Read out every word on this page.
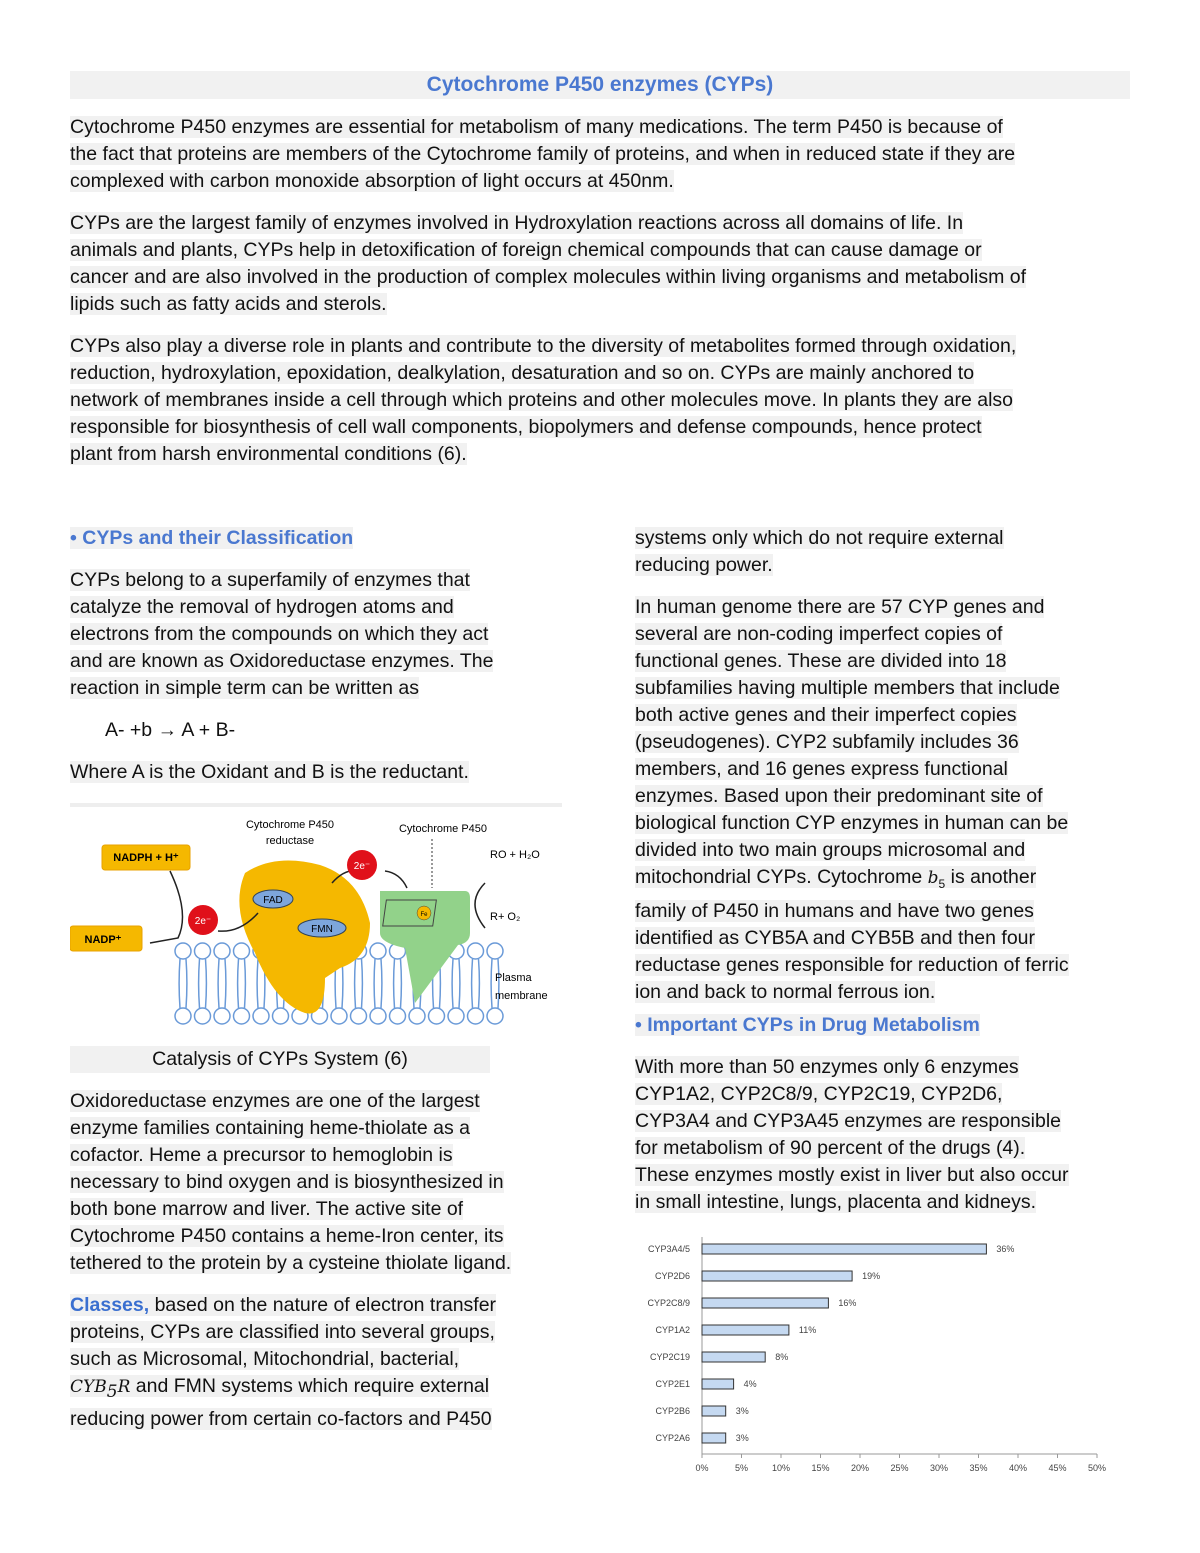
Cytochrome P450 enzymes (CYPs)
Cytochrome P450 enzymes are essential for metabolism of many medications. The term P450 is because of
the fact that proteins are members of the Cytochrome family of proteins, and when in reduced state if they are
complexed with carbon monoxide absorption of light occurs at 450nm.
CYPs are the largest family of enzymes involved in Hydroxylation reactions across all domains of life. In
animals and plants, CYPs help in detoxification of foreign chemical compounds that can cause damage or
cancer and are also involved in the production of complex molecules within living organisms and metabolism of
lipids such as fatty acids and sterols.
CYPs also play a diverse role in plants and contribute to the diversity of metabolites formed through oxidation,
reduction, hydroxylation, epoxidation, dealkylation, desaturation and so on. CYPs are mainly anchored to
network of membranes inside a cell through which proteins and other molecules move. In plants they are also
responsible for biosynthesis of cell wall components, biopolymers and defense compounds, hence protect
plant from harsh environmental conditions (6).
• CYPs and their Classification
CYPs belong to a superfamily of enzymes that
catalyze the removal of hydrogen atoms and
electrons from the compounds on which they act
and are known as Oxidoreductase enzymes. The
reaction in simple term can be written as
A- +b → A + B-
Where A is the Oxidant and B is the reductant.
FAD
FMN
Fe
NADPH + H⁺
NADP⁺
2e⁻
2e⁻
Cytochrome P450
reductase
Cytochrome P450
RO + H₂O
R+ O₂
Plasma
membrane
Catalysis of CYPs System (6)
Oxidoreductase enzymes are one of the largest
enzyme families containing heme-thiolate as a
cofactor. Heme a precursor to hemoglobin is
necessary to bind oxygen and is biosynthesized in
both bone marrow and liver. The active site of
Cytochrome P450 contains a heme-Iron center, its
tethered to the protein by a cysteine thiolate ligand.
Classes, based on the nature of electron transfer
proteins, CYPs are classified into several groups,
such as Microsomal, Mitochondrial, bacterial,
$CYB_5R$ and FMN systems which require external
reducing power from certain co-factors and P450
systems only which do not require external
reducing power.
In human genome there are 57 CYP genes and
several are non-coding imperfect copies of
functional genes. These are divided into 18
subfamilies having multiple members that include
both active genes and their imperfect copies
(pseudogenes). CYP2 subfamily includes 36
members, and 16 genes express functional
enzymes. Based upon their predominant site of
biological function CYP enzymes in human can be
divided into two main groups microsomal and
mitochondrial CYPs. Cytochrome $b_5$ is another
family of P450 in humans and have two genes
identified as CYB5A and CYB5B and then four
reductase genes responsible for reduction of ferric
ion and back to normal ferrous ion.
• Important CYPs in Drug Metabolism
With more than 50 enzymes only 6 enzymes
CYP1A2, CYP2C8/9, CYP2C19, CYP2D6,
CYP3A4 and CYP3A45 enzymes are responsible
for metabolism of 90 percent of the drugs (4).
These enzymes mostly exist in liver but also occur
in small intestine, lungs, placenta and kidneys.
0%	5%	10% 15% 20% 25% 30% 35% 40% 45% 50%
CYP3A4/5	36%
CYP2D6	19%
CYP2C8/9	16%
CYP1A2	11%
CYP2C19	8%
CYP2E1	4%
CYP2B6	3%
CYP2A6	3%
